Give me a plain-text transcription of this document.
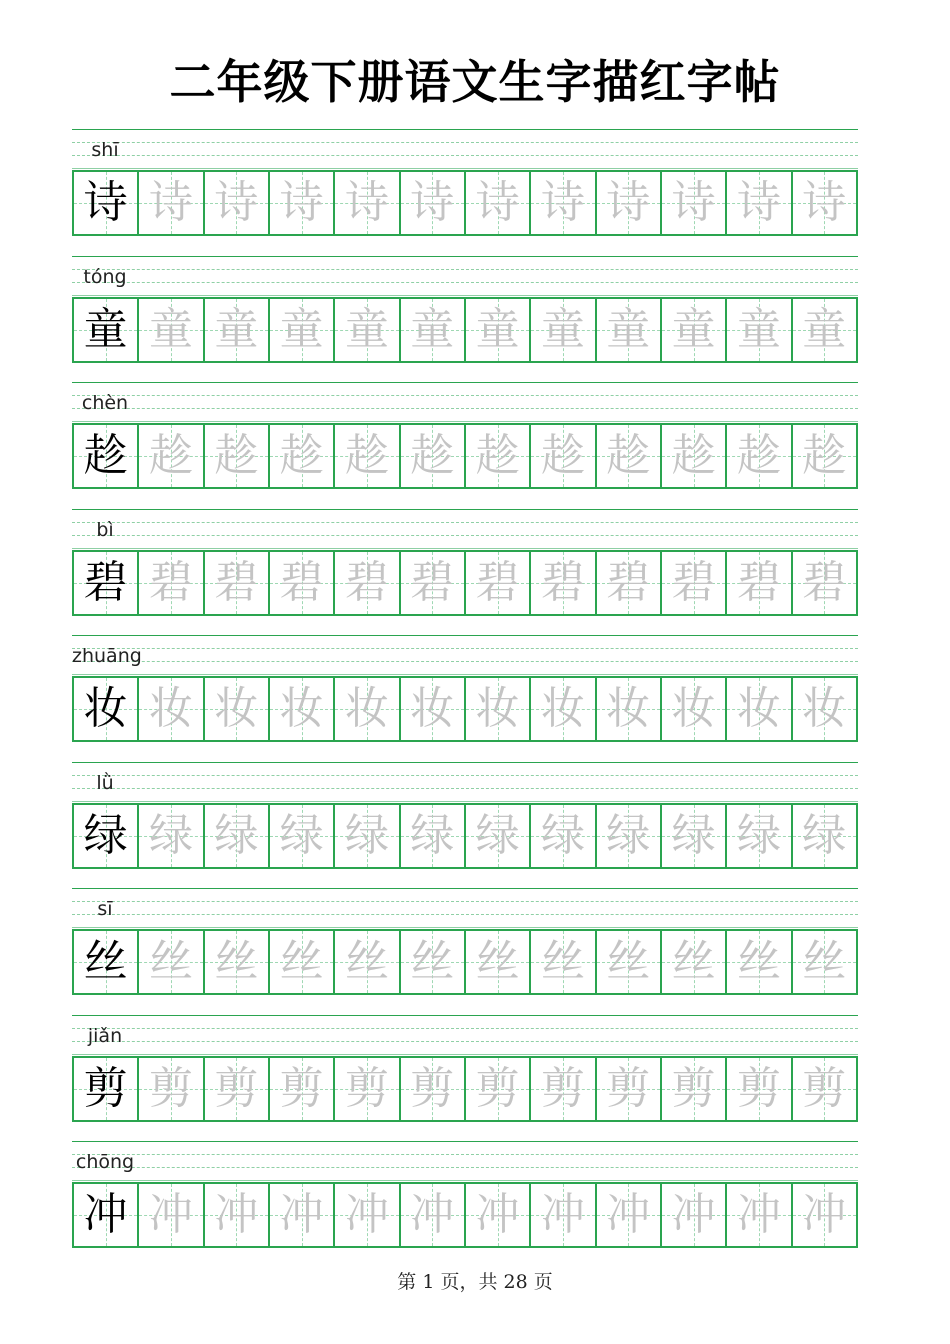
二年级下册语文生字描红字帖
shī
诗 诗 诗 诗 诗 诗 诗 诗 诗 诗 诗 诗
tóng
童 童 童 童 童 童 童 童 童 童 童 童
chèn
趁 趁 趁 趁 趁 趁 趁 趁 趁 趁 趁 趁
bì
碧 碧 碧 碧 碧 碧 碧 碧 碧 碧 碧 碧
zhuāng
妆 妆 妆 妆 妆 妆 妆 妆 妆 妆 妆 妆
lǜ
绿 绿 绿 绿 绿 绿 绿 绿 绿 绿 绿 绿
sī
丝 丝 丝 丝 丝 丝 丝 丝 丝 丝 丝 丝
jiǎn
剪 剪 剪 剪 剪 剪 剪 剪 剪 剪 剪 剪
chōng
冲 冲 冲 冲 冲 冲 冲 冲 冲 冲 冲 冲
第 1 页，共 28 页
